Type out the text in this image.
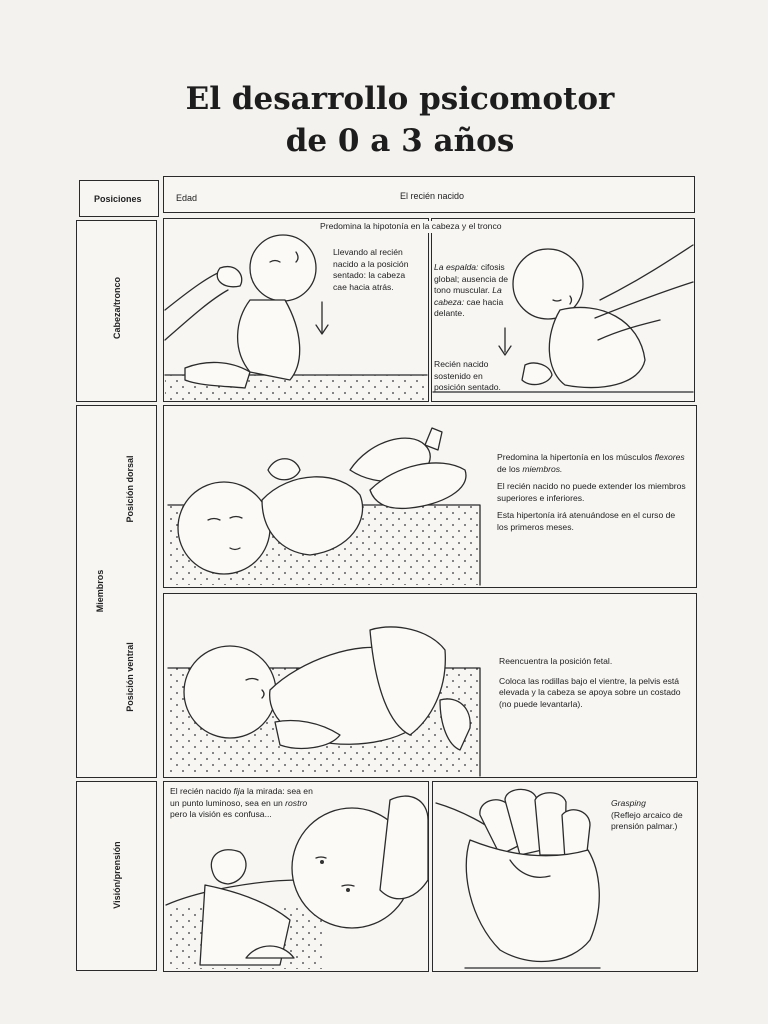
El desarrollo psicomotor
de 0 a 3 años
Posiciones	Edad	El recién nacido
Cabeza/tronco
Miembros
Posición dorsal
Posición ventral
Visión/prensión
Predomina la hipotonía en la cabeza y el tronco
Llevando al recién nacido a la posición sentado: la cabeza cae hacia atrás.
La espalda: cifosis global; ausencia de tono muscular. La cabeza: cae hacia delante.
Recién nacido sostenido en posición sentado.
Predomina la hipertonía en los músculos flexores de los miembros.
El recién nacido no puede extender los miembros superiores e inferiores.
Esta hipertonía irá atenuándose en el curso de los primeros meses.
Reencuentra la posición fetal.
Coloca las rodillas bajo el vientre, la pelvis está elevada y la cabeza se apoya sobre un costado (no puede levantarla).
El recién nacido fija la mirada: sea en un punto luminoso, sea en un rostro pero la visión es confusa...
Grasping
(Reflejo arcaico de prensión palmar.)
